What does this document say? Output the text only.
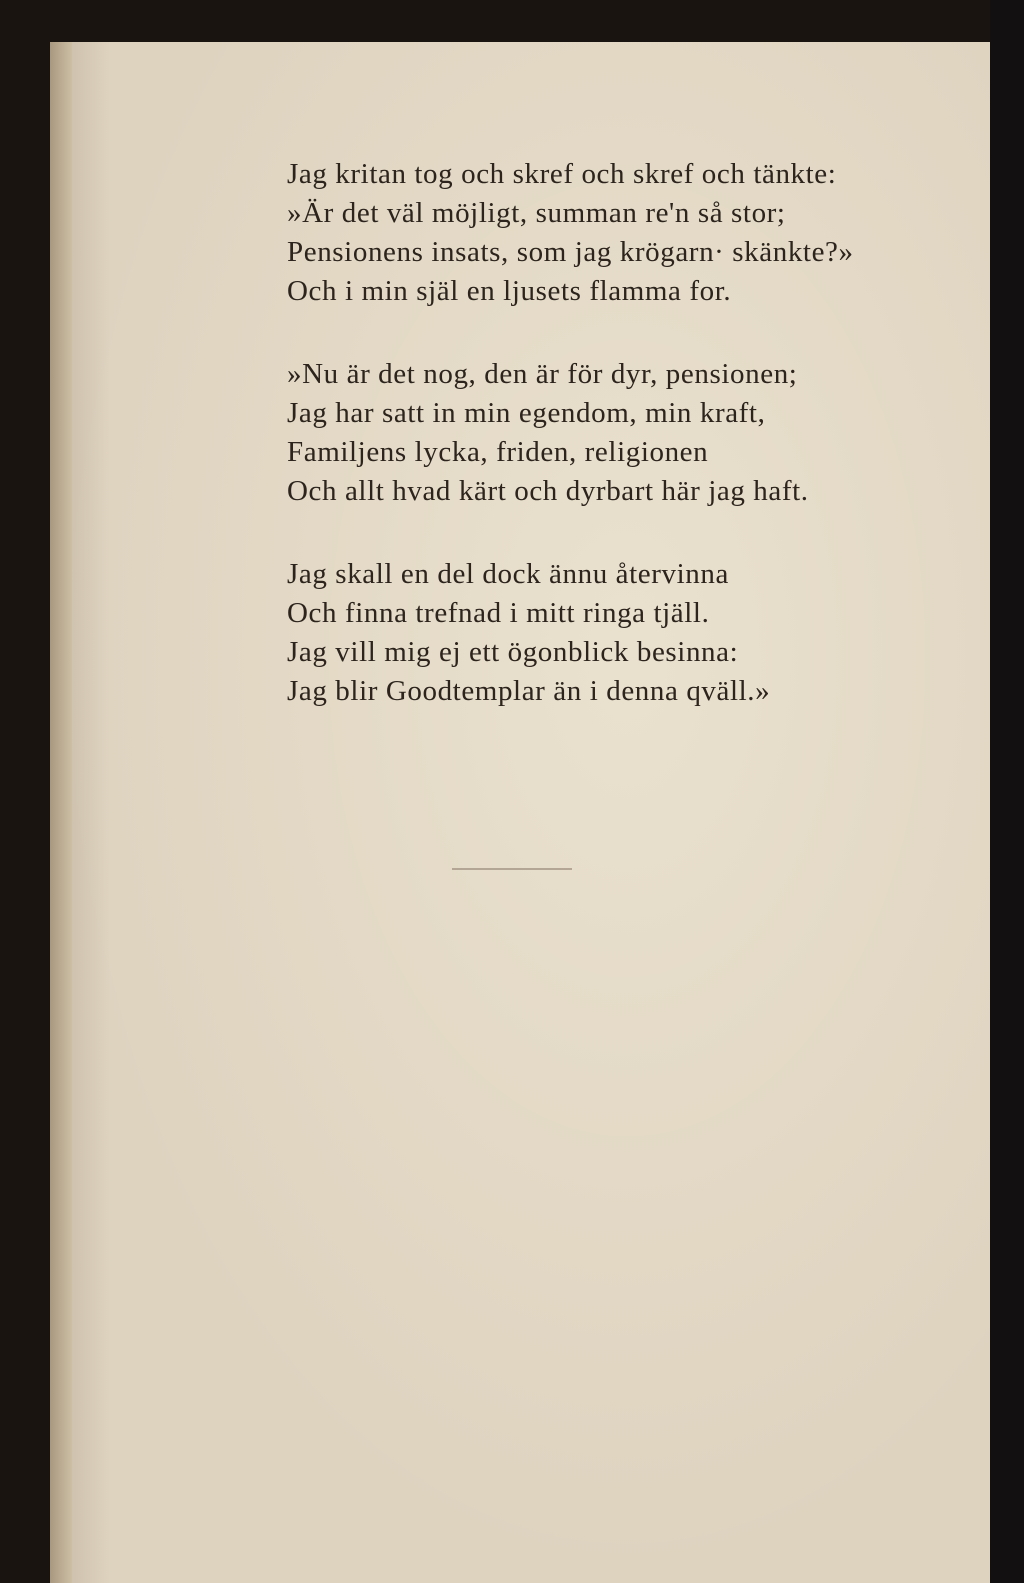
Jag kritan tog och skref och skref och tänkte:
»Är det väl möjligt, summan re'n så stor;
Pensionens insats, som jag krögarn· skänkte?»
Och i min själ en ljusets flamma for.
»Nu är det nog, den är för dyr, pensionen;
Jag har satt in min egendom, min kraft,
Familjens lycka, friden, religionen
Och allt hvad kärt och dyrbart här jag haft.
Jag skall en del dock ännu återvinna
Och finna trefnad i mitt ringa tjäll.
Jag vill mig ej ett ögonblick besinna:
Jag blir Goodtemplar än i denna qväll.»
